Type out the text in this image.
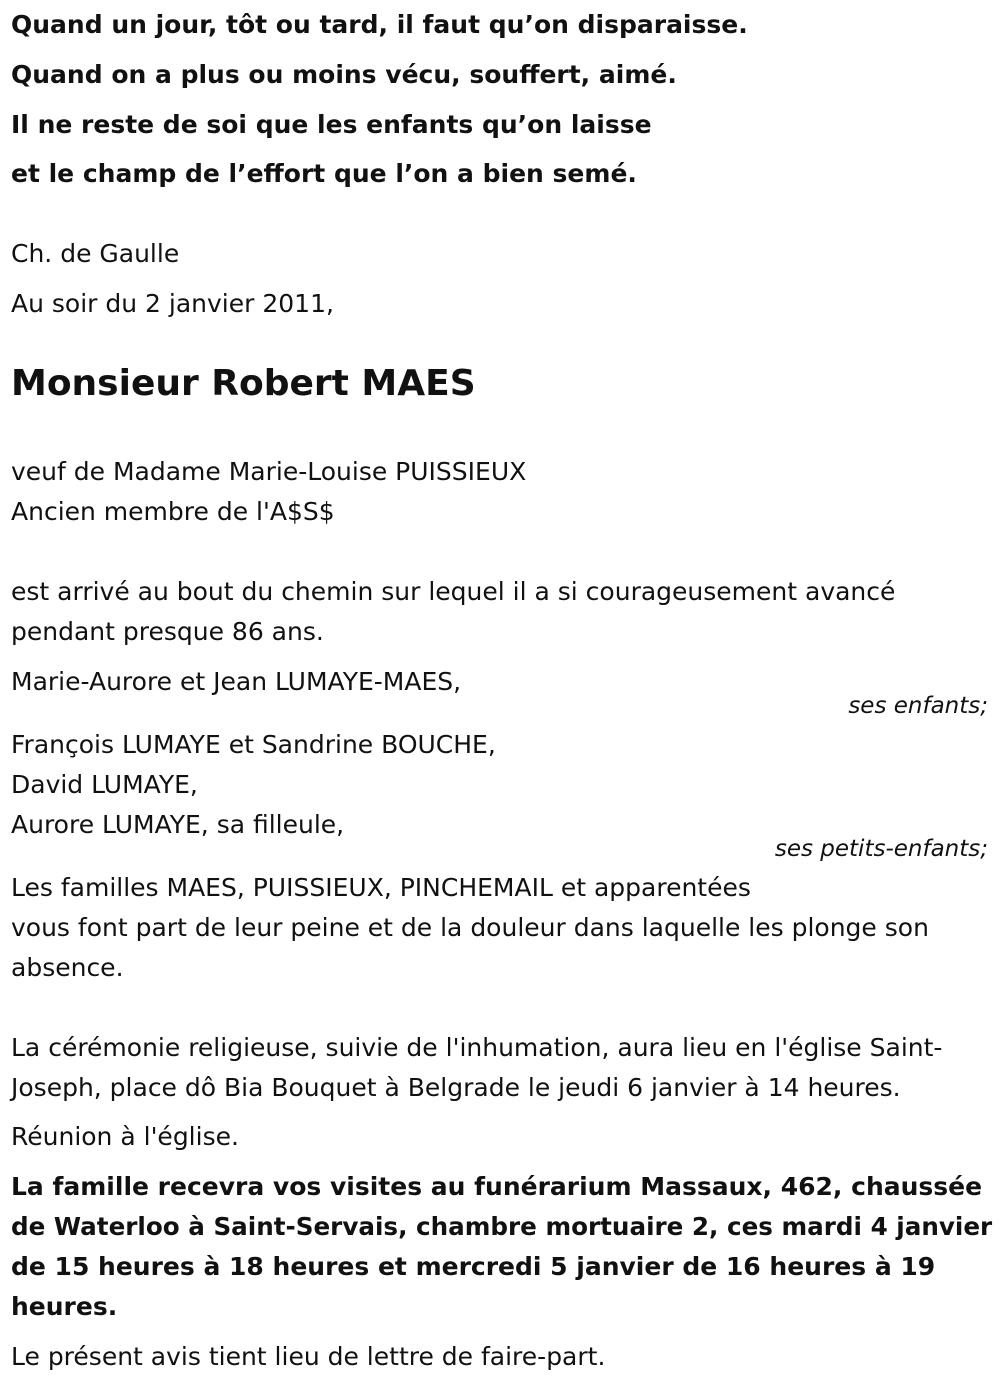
Quand un jour, tôt ou tard, il faut qu’on disparaisse.
Quand on a plus ou moins vécu, souffert, aimé.
Il ne reste de soi que les enfants qu’on laisse
et le champ de l’effort que l’on a bien semé.
Ch. de Gaulle
Au soir du 2 janvier 2011,
Monsieur Robert MAES
veuf de Madame Marie-Louise PUISSIEUX
Ancien membre de l'A$S$
est arrivé au bout du chemin sur lequel il a si courageusement avancé
pendant presque 86 ans.
Marie-Aurore et Jean LUMAYE-MAES,
ses enfants;
François LUMAYE et Sandrine BOUCHE,
David LUMAYE,
Aurore LUMAYE, sa filleule,
ses petits-enfants;
Les familles MAES, PUISSIEUX, PINCHEMAIL et apparentées
vous font part de leur peine et de la douleur dans laquelle les plonge son
absence.
La cérémonie religieuse, suivie de l'inhumation, aura lieu en l'église Saint-
Joseph, place dô Bia Bouquet à Belgrade le jeudi 6 janvier à 14 heures.
Réunion à l'église.
La famille recevra vos visites au funérarium Massaux, 462, chaussée
de Waterloo à Saint-Servais, chambre mortuaire 2, ces mardi 4 janvier
de 15 heures à 18 heures et mercredi 5 janvier de 16 heures à 19
heures.
Le présent avis tient lieu de lettre de faire-part.
